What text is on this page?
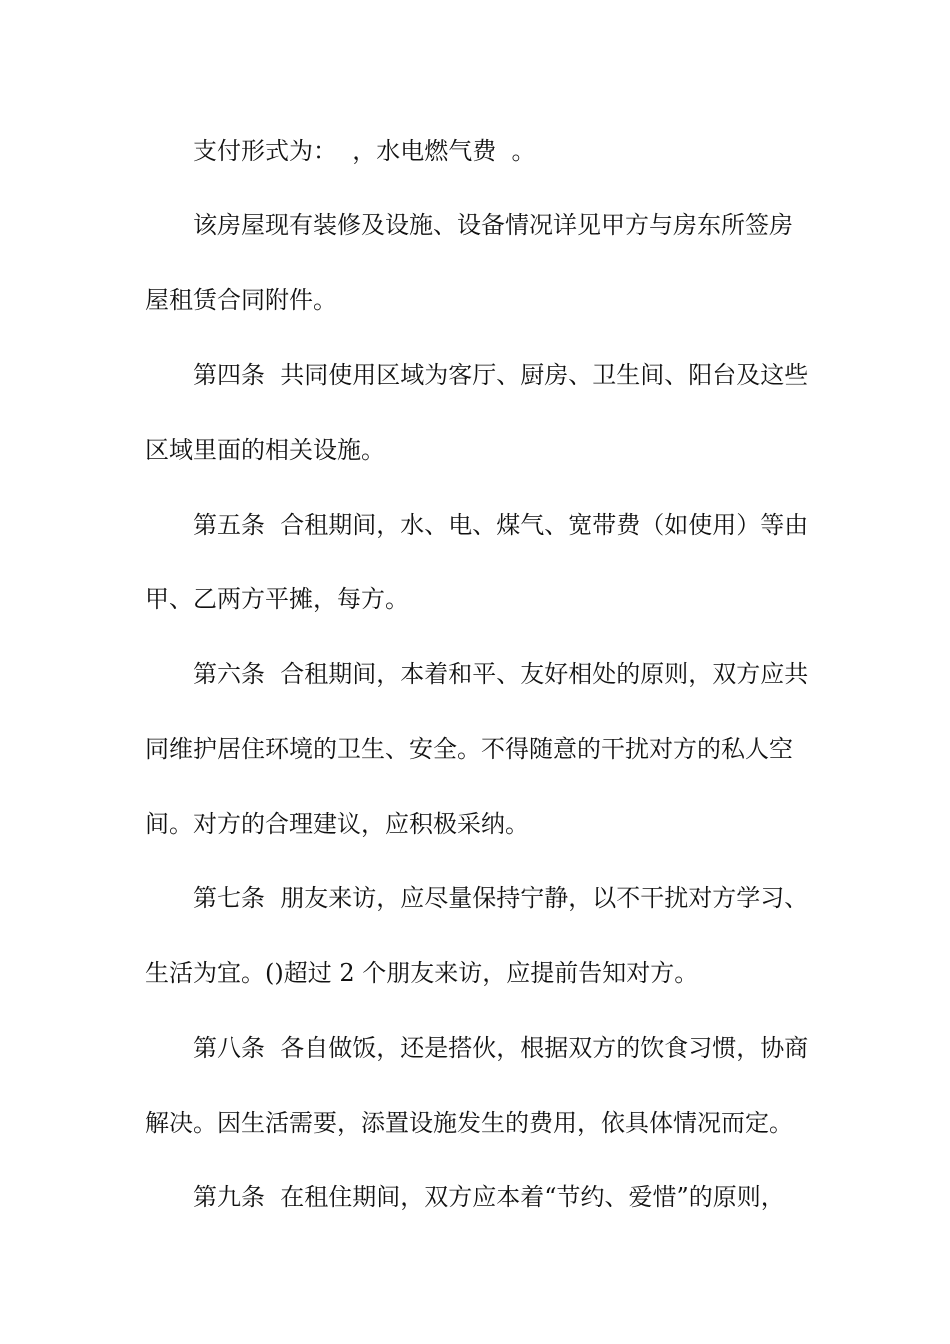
支付形式为：  ，水电燃气费  。

该房屋现有装修及设施、设备情况详见甲方与房东所签房

屋租赁合同附件。

第四条  共同使用区域为客厅、厨房、卫生间、阳台及这些

区域里面的相关设施。

第五条  合租期间，水、电、煤气、宽带费（如使用）等由

甲、乙两方平摊，每方。

第六条  合租期间，本着和平、友好相处的原则，双方应共

同维护居住环境的卫生、安全。不得随意的干扰对方的私人空

间。对方的合理建议，应积极采纳。

第七条  朋友来访，应尽量保持宁静，以不干扰对方学习、

生活为宜。()超过 2 个朋友来访，应提前告知对方。

第八条  各自做饭，还是搭伙，根据双方的饮食习惯，协商

解决。因生活需要，添置设施发生的费用，依具体情况而定。

第九条  在租住期间，双方应本着“节约、爱惜”的原则，
